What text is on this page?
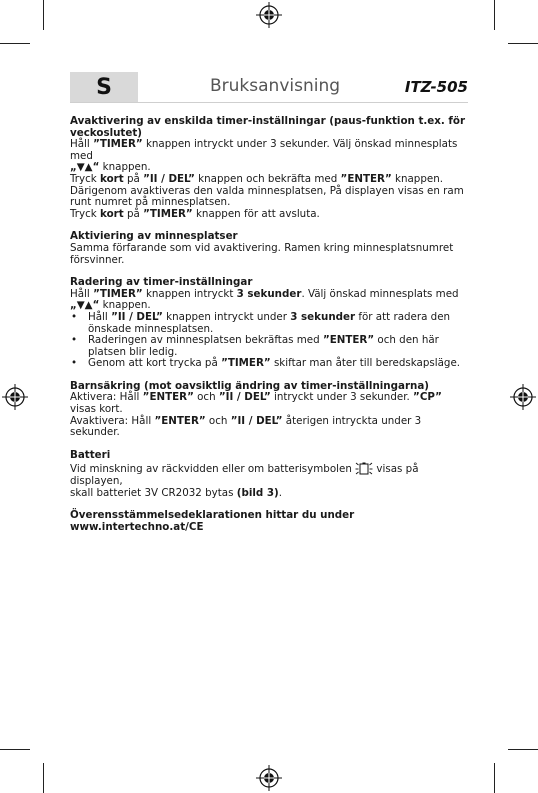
S	Bruksanvisning	ITZ-505
Avaktivering av enskilda timer-inställningar (paus-funktion t.ex. för veckoslutet)
Håll ”TIMER” knappen intryckt under 3 sekunder. Välj önskad minnesplats med
„▼▲“ knappen.
Tryck kort på ”II / DEL” knappen och bekräfta med ”ENTER” knappen.
Därigenom avaktiveras den valda minnesplatsen, På displayen visas en ram runt numret på minnesplatsen.
Tryck kort på ”TIMER” knappen för att avsluta.
Aktiviering av minnesplatser
Samma förfarande som vid avaktivering. Ramen kring minnesplatsnumret försvinner.
Radering av timer-inställningar
Håll ”TIMER” knappen intryckt 3 sekunder. Välj önskad minnesplats med
„▼▲“ knappen.
• Håll ”II / DEL” knappen intryckt under 3 sekunder för att radera den önskade minnesplatsen.
• Raderingen av minnesplatsen bekräftas med ”ENTER” och den här platsen blir ledig.
• Genom att kort trycka på ”TIMER” skiftar man åter till beredskapsläge.
Barnsäkring (mot oavsiktlig ändring av timer-inställningarna)
Aktivera: Håll ”ENTER” och ”II / DEL” intryckt under 3 sekunder. ”CP” visas kort.
Avaktivera: Håll ”ENTER” och ”II / DEL” återigen intryckta under 3 sekunder.
Batteri
Vid minskning av räckvidden eller om batterisymbolen  visas på displayen,
skall batteriet 3V CR2032 bytas (bild 3).
Överensstämmelsedeklarationen hittar du under www.intertechno.at/CE
